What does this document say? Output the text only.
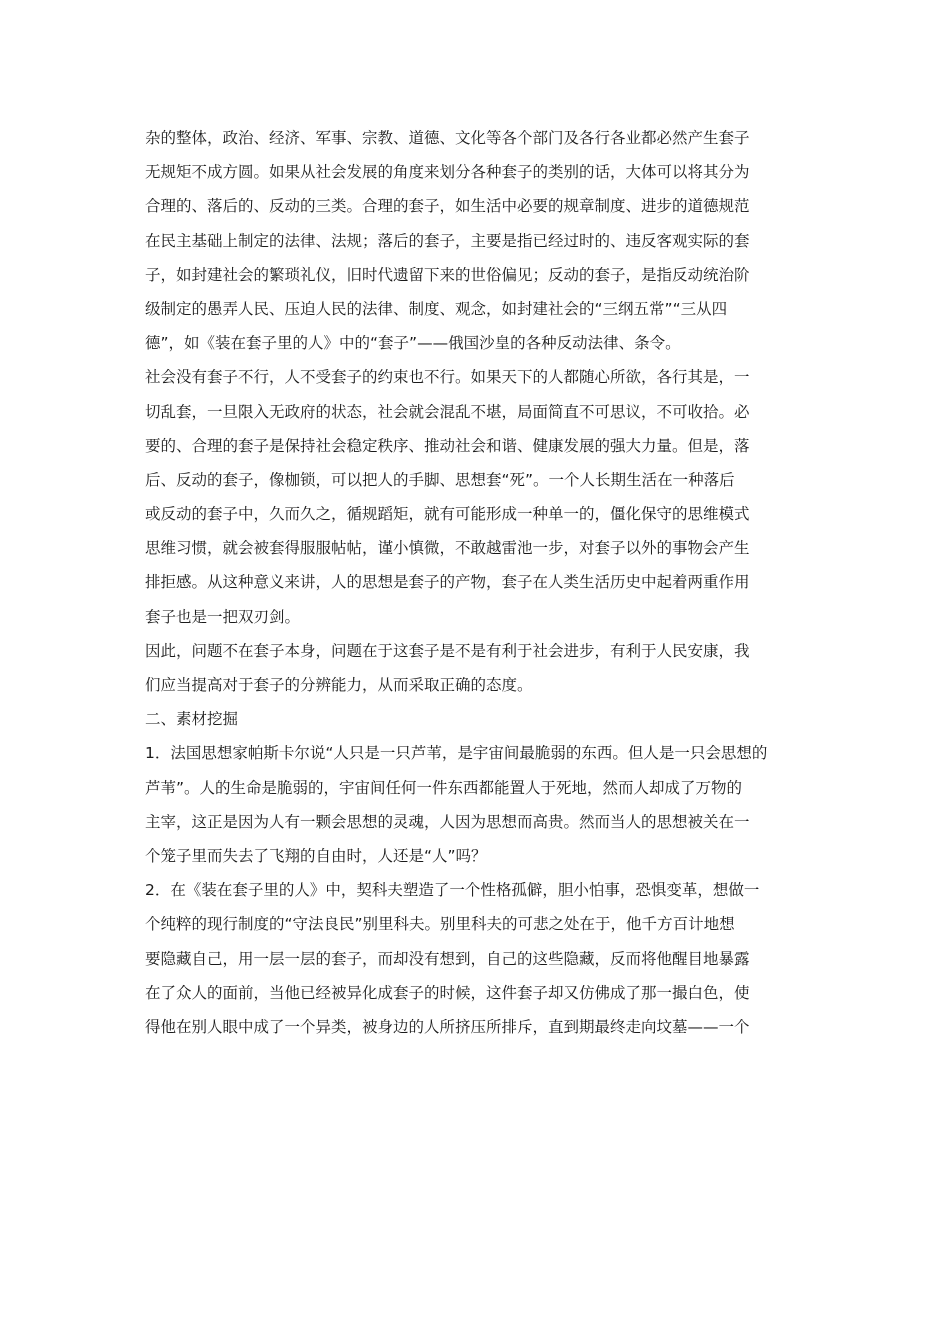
杂的整体，政治、经济、军事、宗教、道德、文化等各个部门及各行各业都必然产生套子
无规矩不成方圆。如果从社会发展的角度来划分各种套子的类别的话，大体可以将其分为
合理的、落后的、反动的三类。合理的套子，如生活中必要的规章制度、进步的道德规范
在民主基础上制定的法律、法规；落后的套子，主要是指已经过时的、违反客观实际的套
子，如封建社会的繁琐礼仪，旧时代遗留下来的世俗偏见；反动的套子，是指反动统治阶
级制定的愚弄人民、压迫人民的法律、制度、观念，如封建社会的“三纲五常”“三从四
德”，如《装在套子里的人》中的“套子”——俄国沙皇的各种反动法律、条令。
社会没有套子不行，人不受套子的约束也不行。如果天下的人都随心所欲，各行其是，一
切乱套，一旦限入无政府的状态，社会就会混乱不堪，局面简直不可思议，不可收拾。必
要的、合理的套子是保持社会稳定秩序、推动社会和谐、健康发展的强大力量。但是，落
后、反动的套子，像枷锁，可以把人的手脚、思想套“死”。一个人长期生活在一种落后
或反动的套子中，久而久之，循规蹈矩，就有可能形成一种单一的，僵化保守的思维模式
思维习惯，就会被套得服服帖帖，谨小慎微，不敢越雷池一步，对套子以外的事物会产生
排拒感。从这种意义来讲，人的思想是套子的产物，套子在人类生活历史中起着两重作用
套子也是一把双刃剑。
因此，问题不在套子本身，问题在于这套子是不是有利于社会进步，有利于人民安康，我
们应当提高对于套子的分辨能力，从而采取正确的态度。
二、素材挖掘
1．法国思想家帕斯卡尔说“人只是一只芦苇，是宇宙间最脆弱的东西。但人是一只会思想的
芦苇”。人的生命是脆弱的，宇宙间任何一件东西都能置人于死地，然而人却成了万物的
主宰，这正是因为人有一颗会思想的灵魂，人因为思想而高贵。然而当人的思想被关在一
个笼子里而失去了飞翔的自由时，人还是“人”吗？
2．在《装在套子里的人》中，契科夫塑造了一个性格孤僻，胆小怕事，恐惧变革，想做一
个纯粹的现行制度的“守法良民”别里科夫。别里科夫的可悲之处在于，他千方百计地想
要隐藏自己，用一层一层的套子，而却没有想到，自己的这些隐藏，反而将他醒目地暴露
在了众人的面前，当他已经被异化成套子的时候，这件套子却又仿佛成了那一撮白色，使
得他在别人眼中成了一个异类，被身边的人所挤压所排斥，直到期最终走向坟墓——一个
